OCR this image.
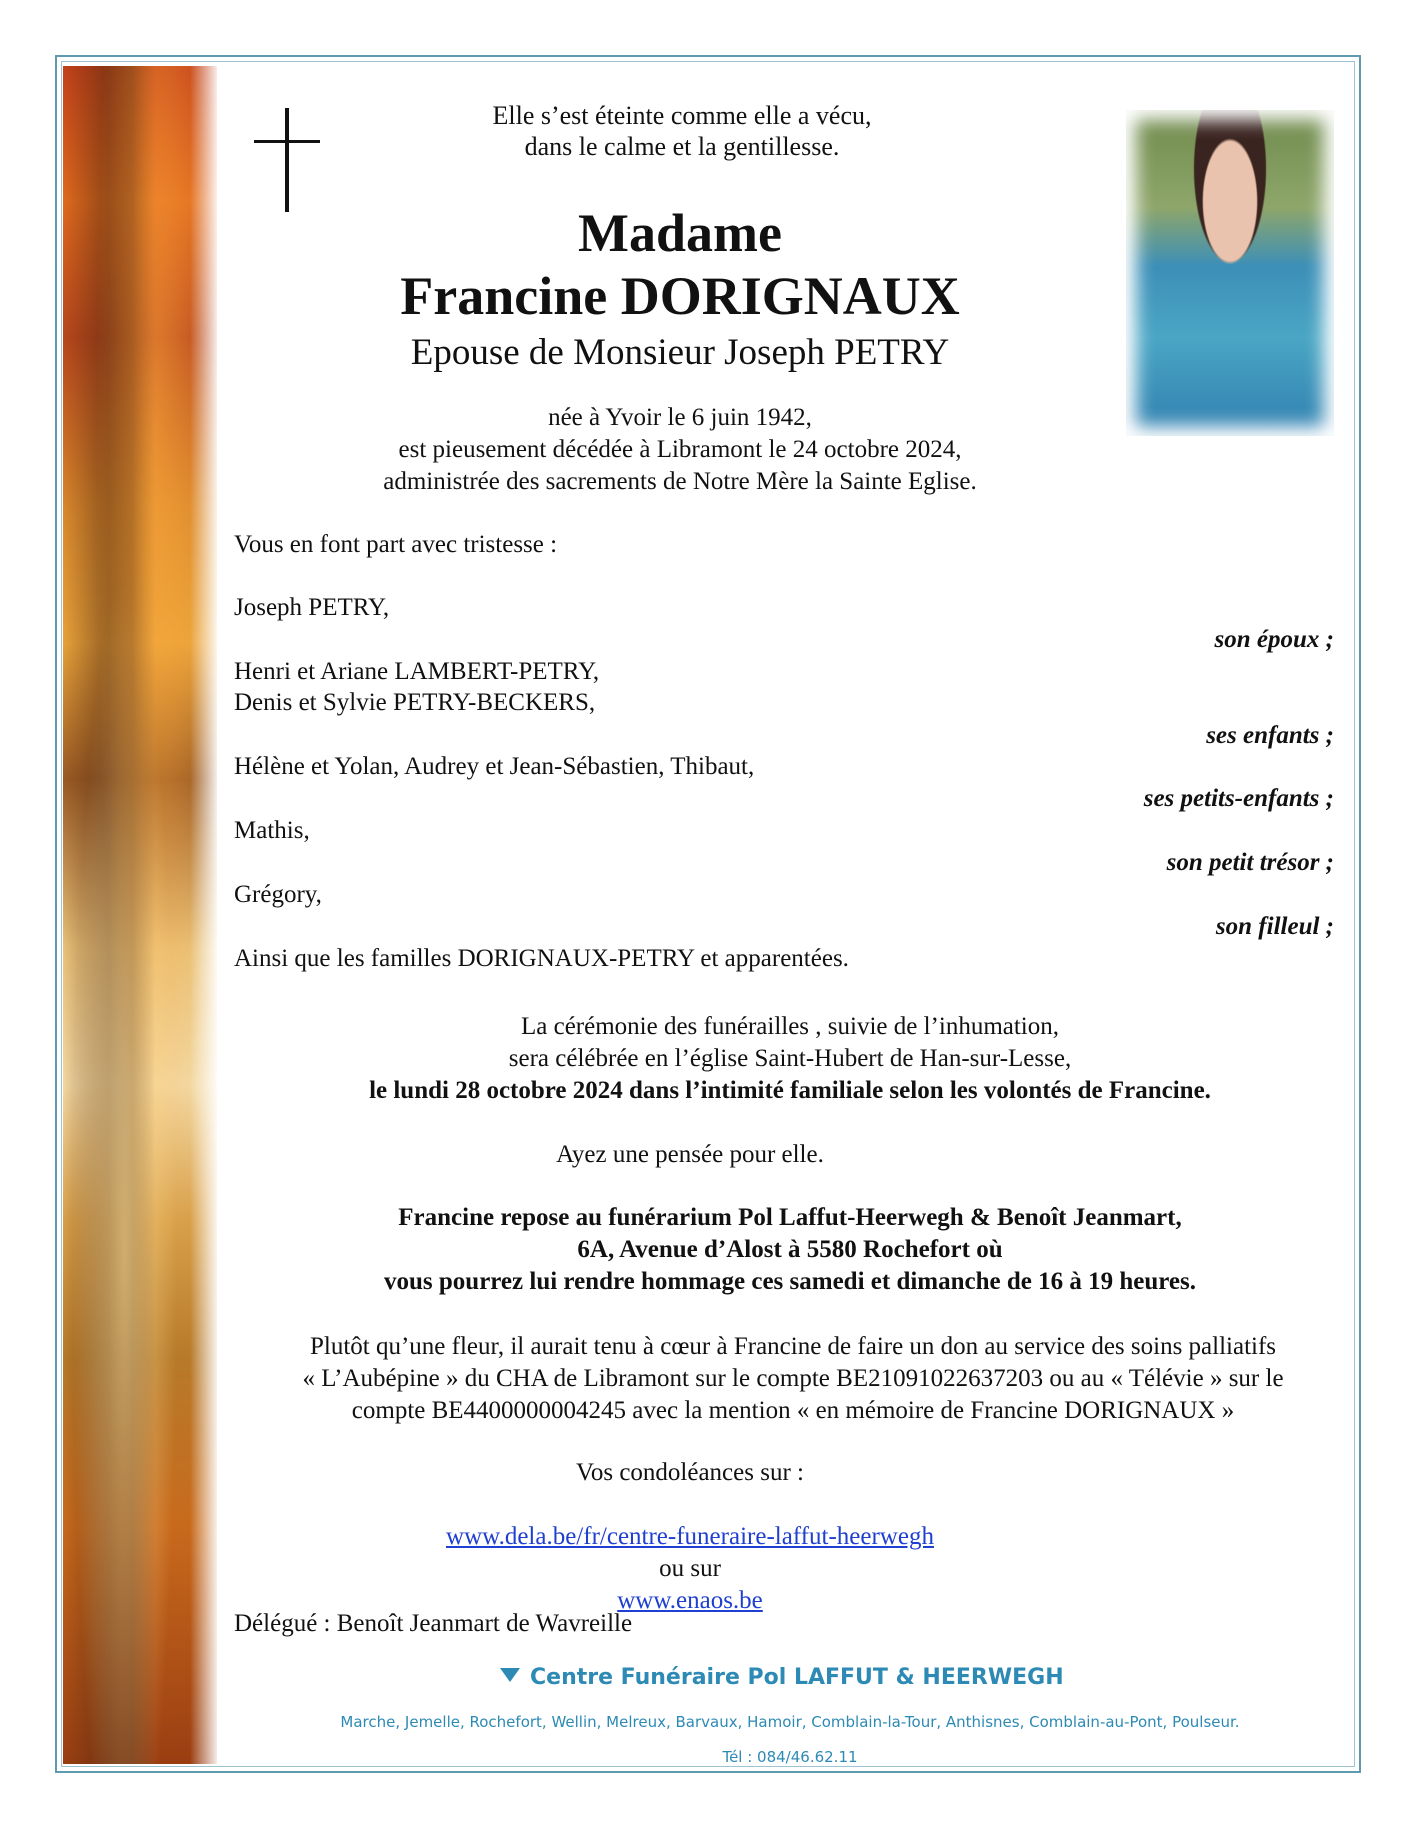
Elle s’est éteinte comme elle a vécu,
dans le calme et la gentillesse.
Madame
Francine DORIGNAUX
Epouse de Monsieur Joseph PETRY
née à Yvoir le 6 juin 1942,
est pieusement décédée à Libramont le 24 octobre 2024,
administrée des sacrements de Notre Mère la Sainte Eglise.
Vous en font part avec tristesse :
Joseph PETRY,
son époux ;
Henri et Ariane LAMBERT-PETRY,
Denis et Sylvie PETRY-BECKERS,
ses enfants ;
Hélène et Yolan, Audrey et Jean-Sébastien, Thibaut,
ses petits-enfants ;
Mathis,
son petit trésor ;
Grégory,
son filleul ;
Ainsi que les familles DORIGNAUX-PETRY et apparentées.
La cérémonie des funérailles , suivie de l’inhumation,
sera célébrée en l’église Saint-Hubert de Han-sur-Lesse,
le lundi 28 octobre 2024 dans l’intimité familiale selon les volontés de Francine.
Ayez une pensée pour elle.
Francine repose au funérarium Pol Laffut-Heerwegh & Benoît Jeanmart,
6A, Avenue d’Alost à 5580 Rochefort où
vous pourrez lui rendre hommage ces samedi et dimanche de 16 à 19 heures.
Plutôt qu’une fleur, il aurait tenu à cœur à Francine de faire un don au service des soins palliatifs
« L’Aubépine » du CHA de Libramont sur le compte BE21091022637203 ou au « Télévie » sur le
compte BE4400000004245 avec la mention « en mémoire de Francine DORIGNAUX »
Vos condoléances sur :
www.dela.be/fr/centre-funeraire-laffut-heerwegh
ou sur
www.enaos.be
Délégué : Benoît Jeanmart de Wavreille
Centre Funéraire Pol LAFFUT & HEERWEGH
Marche, Jemelle, Rochefort, Wellin, Melreux, Barvaux, Hamoir, Comblain-la-Tour, Anthisnes, Comblain-au-Pont, Poulseur.
Tél : 084/46.62.11
